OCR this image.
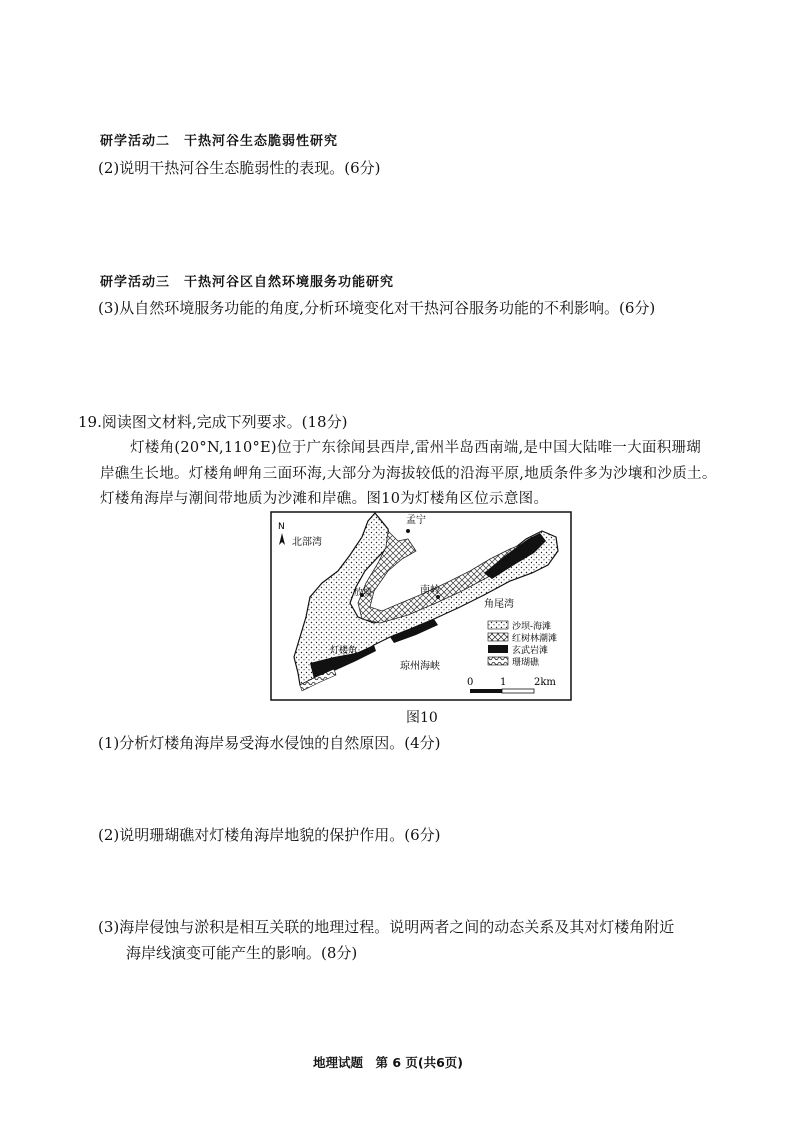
研学活动二　干热河谷生态脆弱性研究
(2)说明干热河谷生态脆弱性的表现。(6分)
研学活动三　干热河谷区自然环境服务功能研究
(3)从自然环境服务功能的角度,分析环境变化对干热河谷服务功能的不利影响。(6分)
19.阅读图文材料,完成下列要求。(18分)
灯楼角(20°N,110°E)位于广东徐闻县西岸,雷州半岛西南端,是中国大陆唯一大面积珊瑚
岸礁生长地。灯楼角岬角三面环海,大部分为海拔较低的沿海平原,地质条件多为沙壤和沙质土。
灯楼角海岸与潮间带地质为沙滩和岸礁。图10为灯楼角区位示意图。
N
北部湾
孟宁
南岭
角尾湾
放坡
灯楼角
琼州海峡
沙坝-海滩
红树林潮滩
玄武岩滩
珊瑚礁
0	1	2km
图10
(1)分析灯楼角海岸易受海水侵蚀的自然原因。(4分)
(2)说明珊瑚礁对灯楼角海岸地貌的保护作用。(6分)
(3)海岸侵蚀与淤积是相互关联的地理过程。说明两者之间的动态关系及其对灯楼角附近
海岸线演变可能产生的影响。(8分)
地理试题　第 6 页(共6页)
